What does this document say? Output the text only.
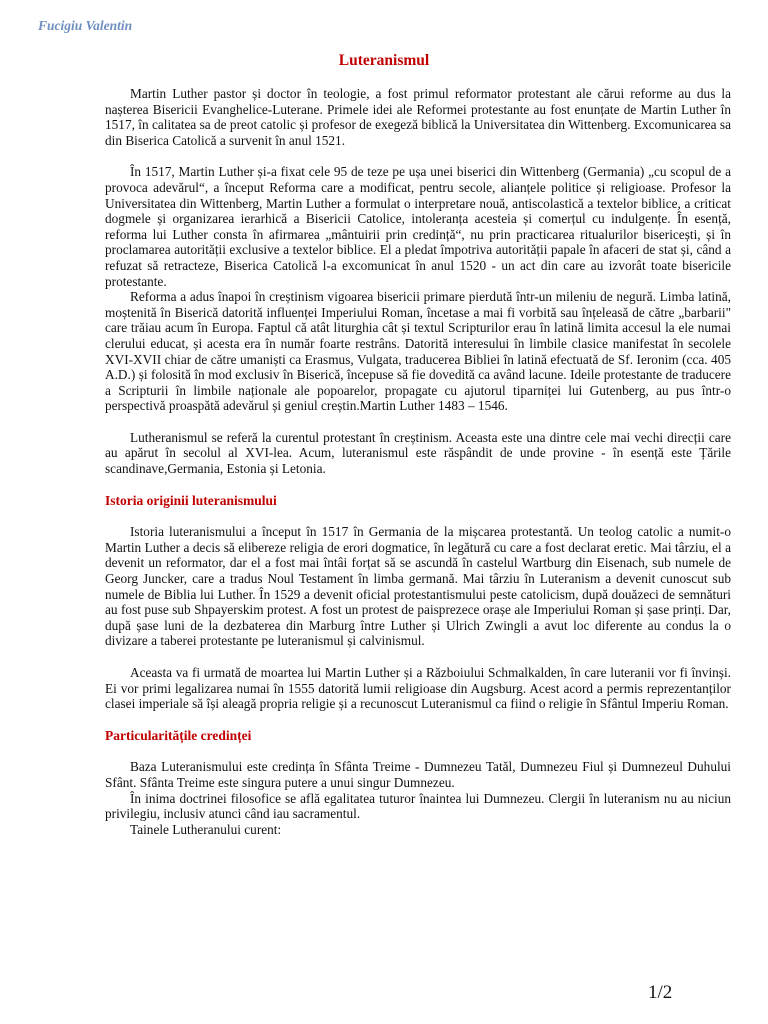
Fucigiu Valentin
Luteranismul

Martin Luther pastor și doctor în teologie, a fost primul reformator protestant ale cărui reforme au dus la nașterea Bisericii Evanghelice-Luterane. Primele idei ale Reformei protestante au fost enunțate de Martin Luther în 1517, în calitatea sa de preot catolic și profesor de exegeză biblică la Universitatea din Wittenberg. Excomunicarea sa din Biserica Catolică a survenit în anul 1521.

În 1517, Martin Luther și-a fixat cele 95 de teze pe ușa unei biserici din Wittenberg (Germania) „cu scopul de a provoca adevărul“, a început Reforma care a modificat, pentru secole, alianțele politice și religioase. Profesor la Universitatea din Wittenberg, Martin Luther a formulat o interpretare nouă, antiscolastică a textelor biblice, a criticat dogmele și organizarea ierarhică a Bisericii Catolice, intoleranța acesteia și comerțul cu indulgențe. În esență, reforma lui Luther consta în afirmarea „mântuirii prin credință“, nu prin practicarea ritualurilor bisericești, și în proclamarea autorității exclusive a textelor biblice. El a pledat împotriva autorității papale în afaceri de stat și, când a refuzat să retracteze, Biserica Catolică l-a excomunicat în anul 1520 - un act din care au izvorât toate bisericile protestante.

Reforma a adus înapoi în creștinism vigoarea bisericii primare pierdută într-un mileniu de negură. Limba latină, moștenită în Biserică datorită influenței Imperiului Roman, încetase a mai fi vorbită sau înțeleasă de către „barbarii" care trăiau acum în Europa. Faptul că atât liturghia cât și textul Scripturilor erau în latină limita accesul la ele numai clerului educat, și acesta era în număr foarte restrâns. Datorită interesului în limbile clasice manifestat în secolele XVI-XVII chiar de către umaniști ca Erasmus, Vulgata, traducerea Bibliei în latină efectuată de Sf. Ieronim (cca. 405 A.D.) și folosită în mod exclusiv în Biserică, începuse să fie dovedită ca având lacune. Ideile protestante de traducere a Scripturii în limbile naționale ale popoarelor, propagate cu ajutorul tiparniței lui Gutenberg, au pus într-o perspectivă proaspătă adevărul și geniul creștin.Martin Luther 1483 – 1546.

Lutheranismul se referă la curentul protestant în creștinism. Aceasta este una dintre cele mai vechi direcții care au apărut în secolul al XVI-lea. Acum, luteranismul este răspândit de unde provine - în esență este Țările scandinave,Germania, Estonia și Letonia.

Istoria originii luteranismului

Istoria luteranismului a început în 1517 în Germania de la mișcarea protestantă. Un teolog catolic a numit-o Martin Luther a decis să elibereze religia de erori dogmatice, în legătură cu care a fost declarat eretic. Mai târziu, el a devenit un reformator, dar el a fost mai întâi forțat să se ascundă în castelul Wartburg din Eisenach, sub numele de Georg Juncker, care a tradus Noul Testament în limba germană. Mai târziu în Luteranism a devenit cunoscut sub numele de Biblia lui Luther. În 1529 a devenit oficial protestantismului peste catolicism, după douăzeci de semnături au fost puse sub Shpayerskim protest. A fost un protest de paisprezece orașe ale Imperiului Roman și șase prinți. Dar, după șase luni de la dezbaterea din Marburg între Luther și Ulrich Zwingli a avut loc diferente au condus la o divizare a taberei protestante pe luteranismul și calvinismul.

Aceasta va fi urmată de moartea lui Martin Luther și a Războiului Schmalkalden, în care luteranii vor fi învinși. Ei vor primi legalizarea numai în 1555 datorită lumii religioase din Augsburg. Acest acord a permis reprezentanților clasei imperiale să își aleagă propria religie și a recunoscut Luteranismul ca fiind o religie în Sfântul Imperiu Roman.

Particularitățile credinței

Baza Luteranismului este credința în Sfânta Treime - Dumnezeu Tatăl, Dumnezeu Fiul și Dumnezeul Duhului Sfânt. Sfânta Treime este singura putere a unui singur Dumnezeu.

În inima doctrinei filosofice se află egalitatea tuturor înaintea lui Dumnezeu. Clergii în luteranism nu au niciun privilegiu, inclusiv atunci când iau sacramentul.

Tainele Lutheranului curent:

1/2
